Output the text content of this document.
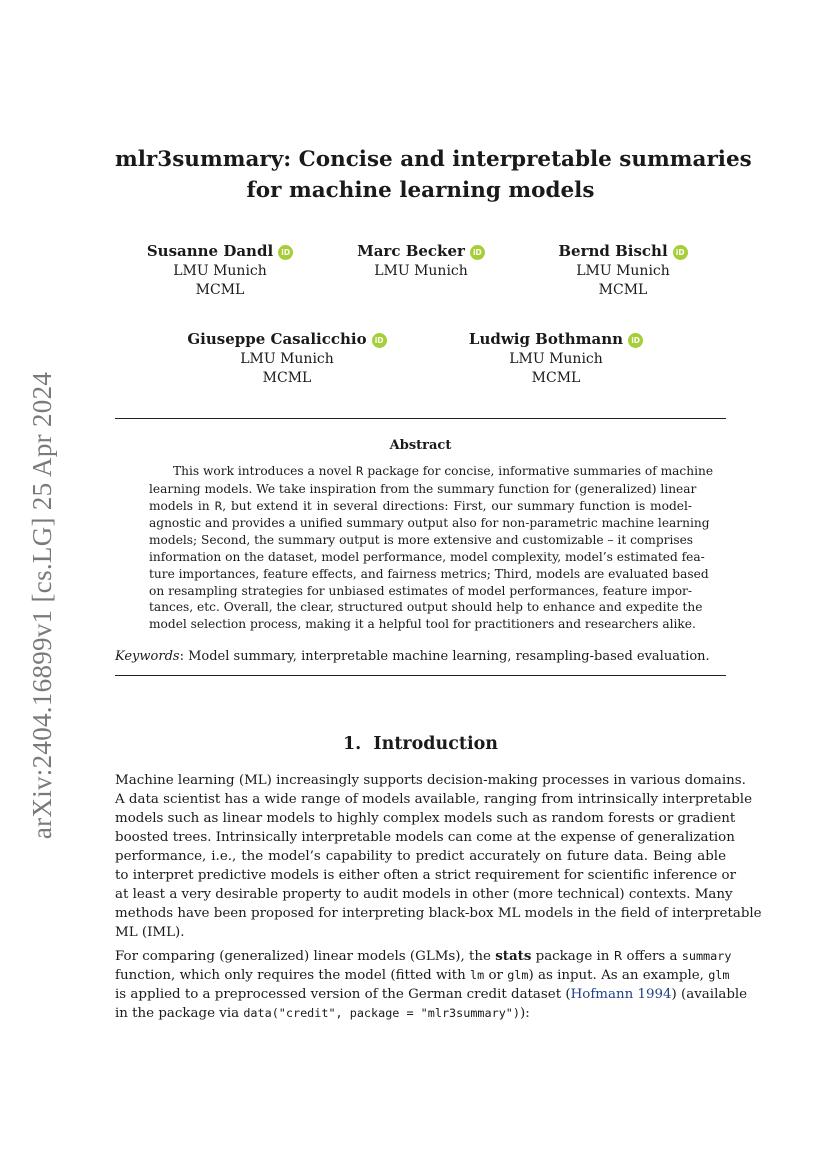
arXiv:2404.16899v1 [cs.LG] 25 Apr 2024
mlr3summary: Concise and interpretable summaries
for machine learning models
Susanne Dandl iD
LMU Munich
MCML
Marc Becker iD
LMU Munich
Bernd Bischl iD
LMU Munich
MCML
Giuseppe Casalicchio iD
LMU Munich
MCML
Ludwig Bothmann iD
LMU Munich
MCML
Abstract
This work introduces a novel R package for concise, informative summaries of machine
learning models. We take inspiration from the summary function for (generalized) linear
models in R, but extend it in several directions: First, our summary function is model-
agnostic and provides a unified summary output also for non-parametric machine learning
models; Second, the summary output is more extensive and customizable – it comprises
information on the dataset, model performance, model complexity, model’s estimated fea-
ture importances, feature effects, and fairness metrics; Third, models are evaluated based
on resampling strategies for unbiased estimates of model performances, feature impor-
tances, etc. Overall, the clear, structured output should help to enhance and expedite the
model selection process, making it a helpful tool for practitioners and researchers alike.
Keywords: Model summary, interpretable machine learning, resampling-based evaluation.
1. Introduction
Machine learning (ML) increasingly supports decision-making processes in various domains.
A data scientist has a wide range of models available, ranging from intrinsically interpretable
models such as linear models to highly complex models such as random forests or gradient
boosted trees. Intrinsically interpretable models can come at the expense of generalization
performance, i.e., the model’s capability to predict accurately on future data. Being able
to interpret predictive models is either often a strict requirement for scientific inference or
at least a very desirable property to audit models in other (more technical) contexts. Many
methods have been proposed for interpreting black-box ML models in the field of interpretable
ML (IML).
For comparing (generalized) linear models (GLMs), the stats package in R offers a summary
function, which only requires the model (fitted with lm or glm) as input. As an example, glm
is applied to a preprocessed version of the German credit dataset (Hofmann 1994) (available
in the package via data("credit", package = "mlr3summary")):
